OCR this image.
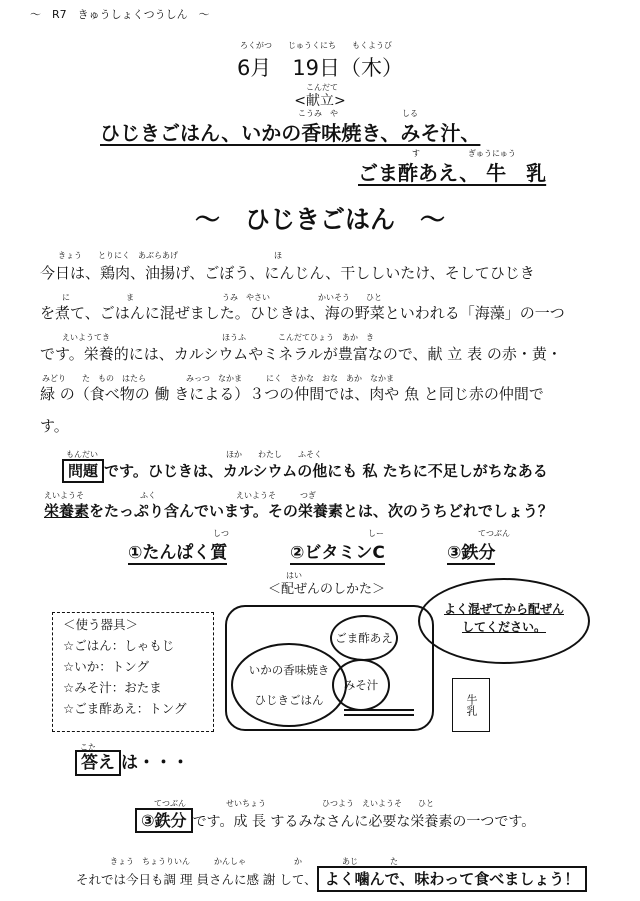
～　R7　きゅうしょくつうしん　～
ろくがつ　　じゅうくにち　　もくようび
6月　19日（木）
こんだて
<献立>
こうみ　や　　　　　　　　しる
ひじきごはん、いかの香味焼き、みそ汁、
す　　　　　　ぎゅうにゅう
ごま酢あえ、 牛　乳
～　ひじきごはん　～
きょう　　とりにく　あぶらあげ　　　　　　　　　　　　ほ
今日は、鶏肉、油揚げ、ごぼう、にんじん、干ししいたけ、そしてひじき
に　　　　　　　ま　　　　　　　　　　　うみ　やさい　　　　　　かいそう　　ひと
を煮て、ごはんに混ぜました。ひじきは、海の野菜といわれる「海藻」の一つ
えいようてき　　　　　　　　　　　　　　ほうふ　　　　こんだてひょう　あか　き
です。栄養的には、カルシウムやミネラルが豊富なので、献 立 表 の赤・黄・
みどり　　た　もの　はたら　　　　　みっつ　なかま　　　にく　さかな　おな　あか　なかま
緑 の（食べ物の 働 きによる）３つの仲間では、肉や 魚 と同じ赤の仲間で
す。
もんだい　　　　　　　　　　　　　　　　ほか　　わたし　　ふそく
問題 です。ひじきは、カルシウムの他にも 私 たちに不足しがちなある
えいようそ　　　　　　　ふく　　　　　　　　　　えいようそ　　　つぎ
栄養素をたっぷり含んでいます。その栄養素とは、次のうちどれでしょう？
しつ
①たんぱく質
しー
②ビタミンC
てつぶん
③鉄分
はい
＜配ぜんのしかた＞
＜使う器具＞
☆ごはん：しゃもじ
☆いか：トング
☆みそ汁：おたま
☆ごま酢あえ：トング
ごま酢あえ
いかの香味焼き
ひじきごはん
みそ汁
よく混ぜてから配ぜん
してください。
牛乳
こた
答え は・・・
てつぶん　　　　　せいちょう　　　　　　　ひつよう　えいようそ　　ひと
③鉄分 です。成 長 するみなさんに必要な栄養素の一つです。
きょう　ちょうりいん　　　かんしゃ　　　　　　か　　　　　あじ　　　　た
それでは今日も調 理 員さんに感 謝 して、 よく噛んで、味わって食べましょう！
